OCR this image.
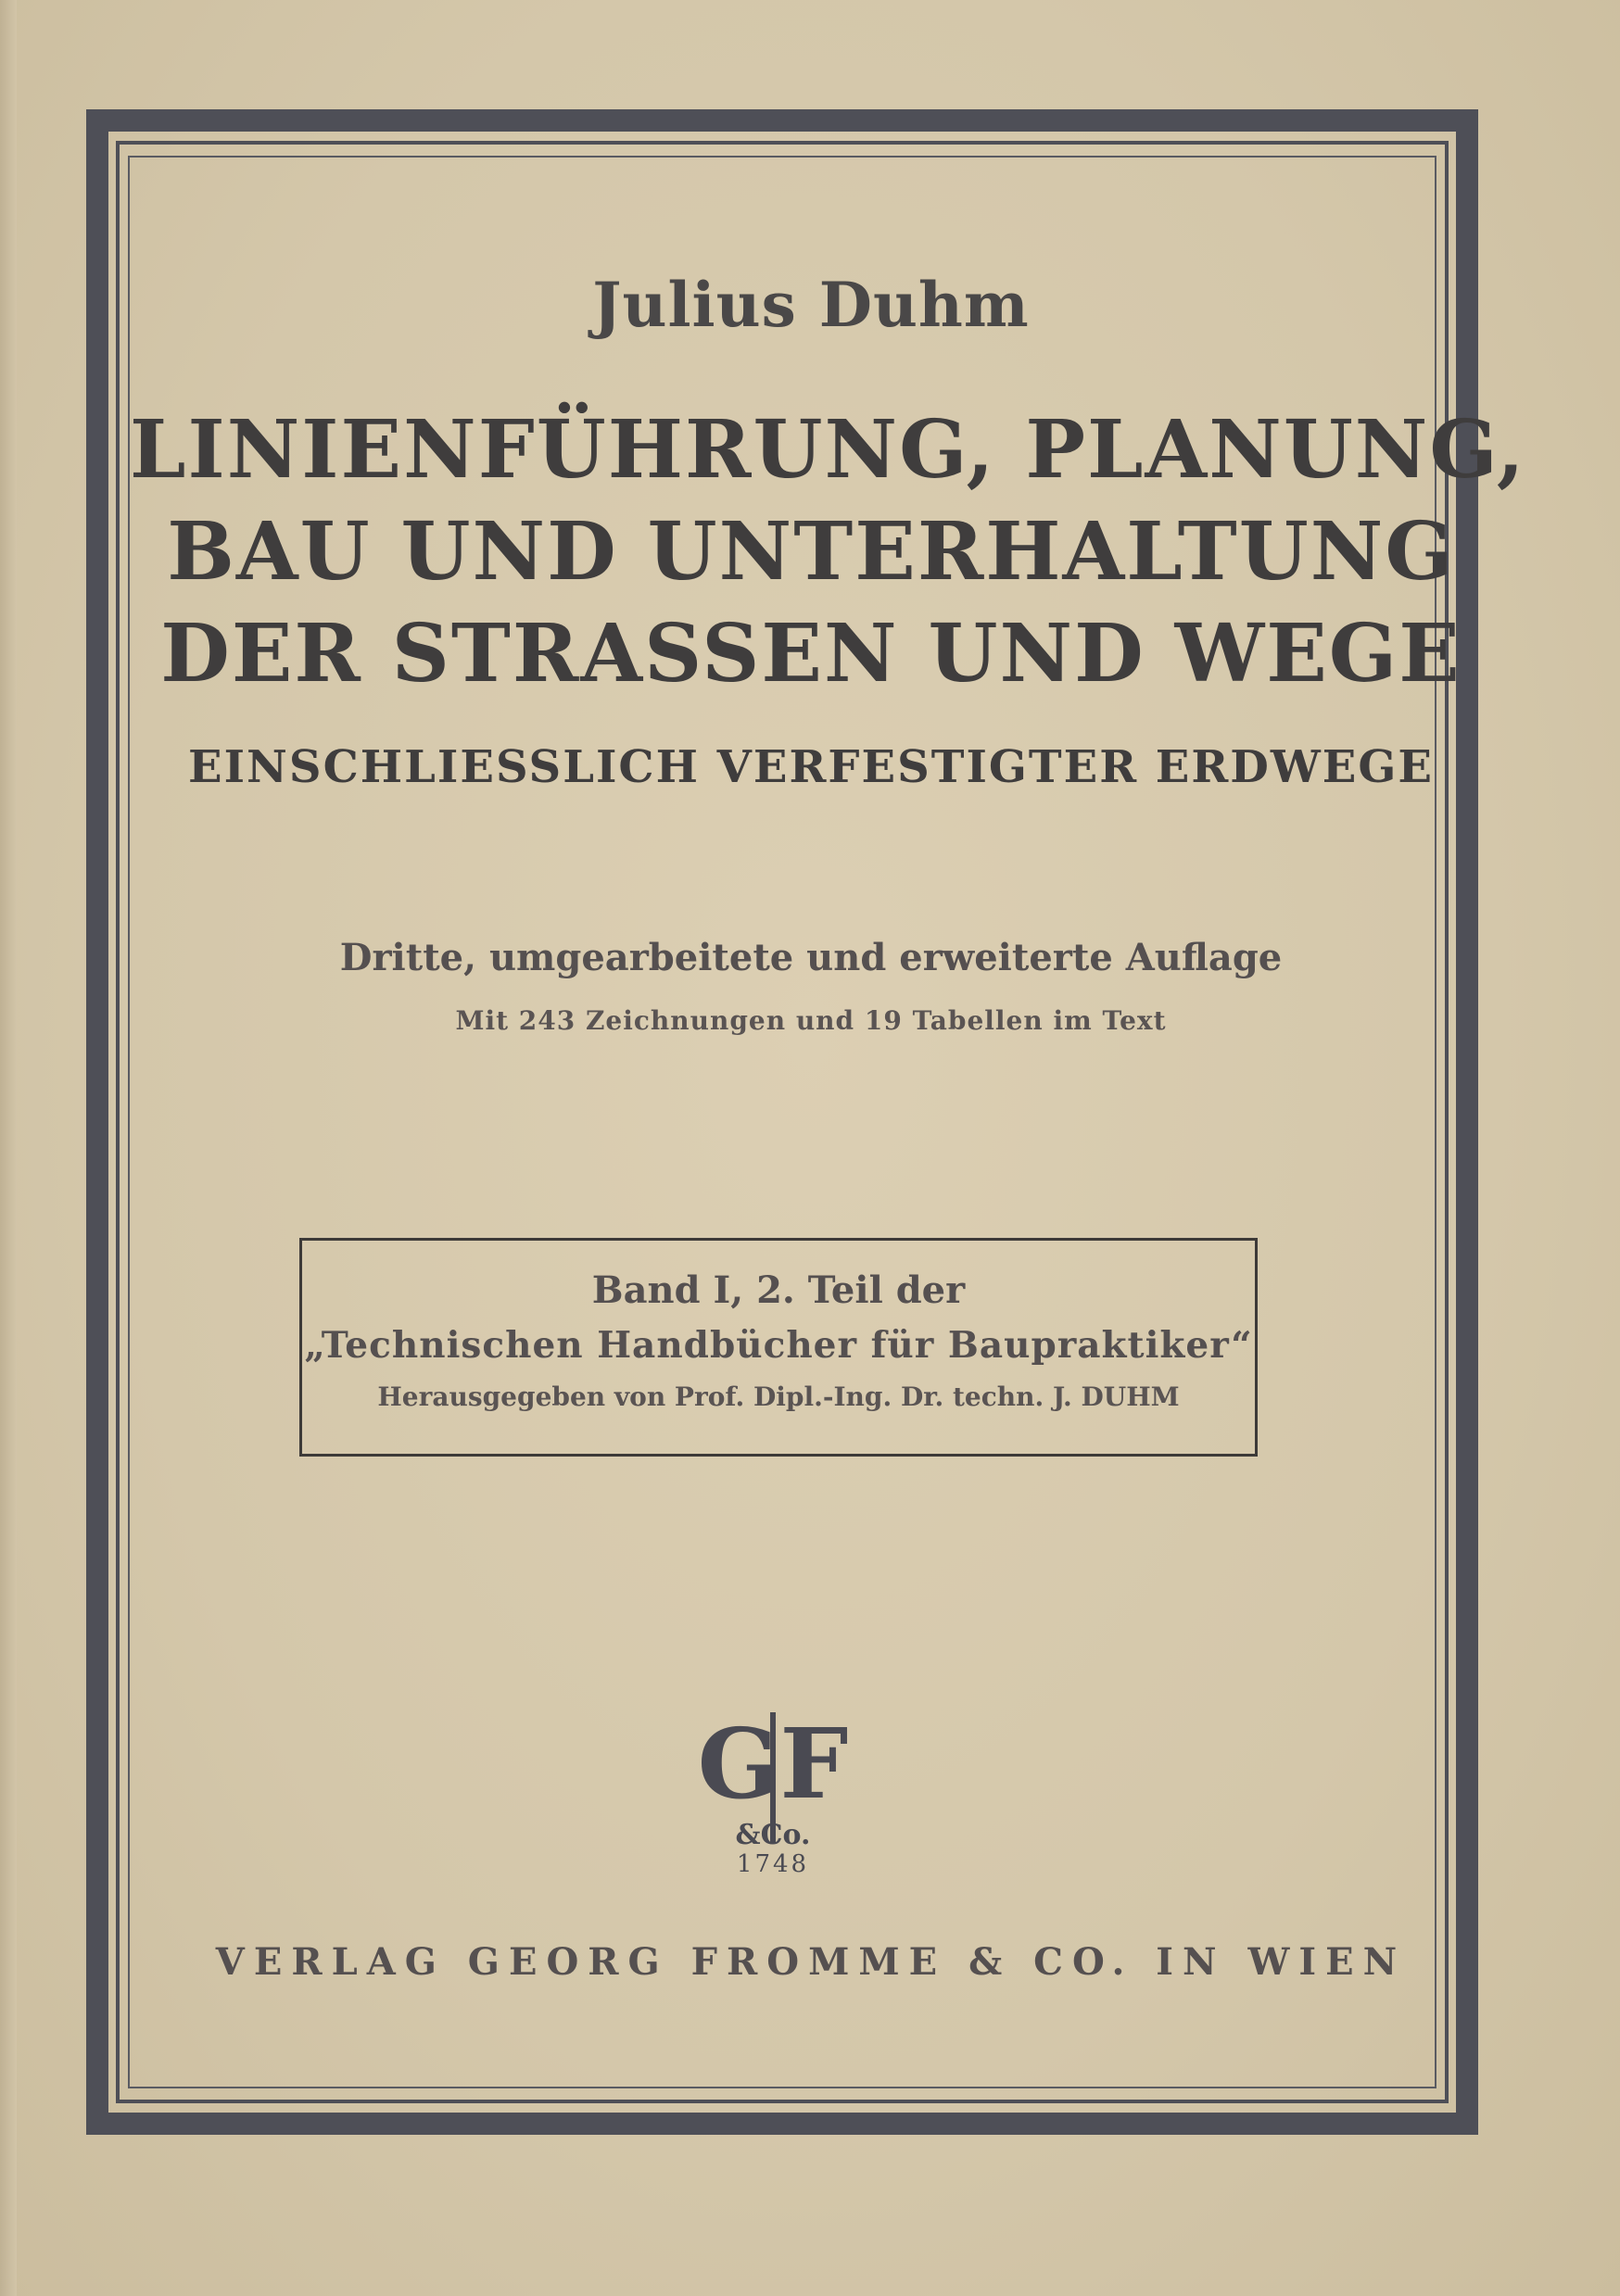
Julius Duhm
LINIENFÜHRUNG, PLANUNG,
BAU UND UNTERHALTUNG
DER STRASSEN UND WEGE
EINSCHLIESSLICH VERFESTIGTER ERDWEGE
Dritte, umgearbeitete und erweiterte Auflage
Mit 243 Zeichnungen und 19 Tabellen im Text
Band I, 2. Teil der
„Technischen Handbücher für Baupraktiker“
Herausgegeben von Prof. Dipl.-Ing. Dr. techn. J. DUHM
GF
&Co.
1748
VERLAG GEORG FROMME & CO. IN WIEN
